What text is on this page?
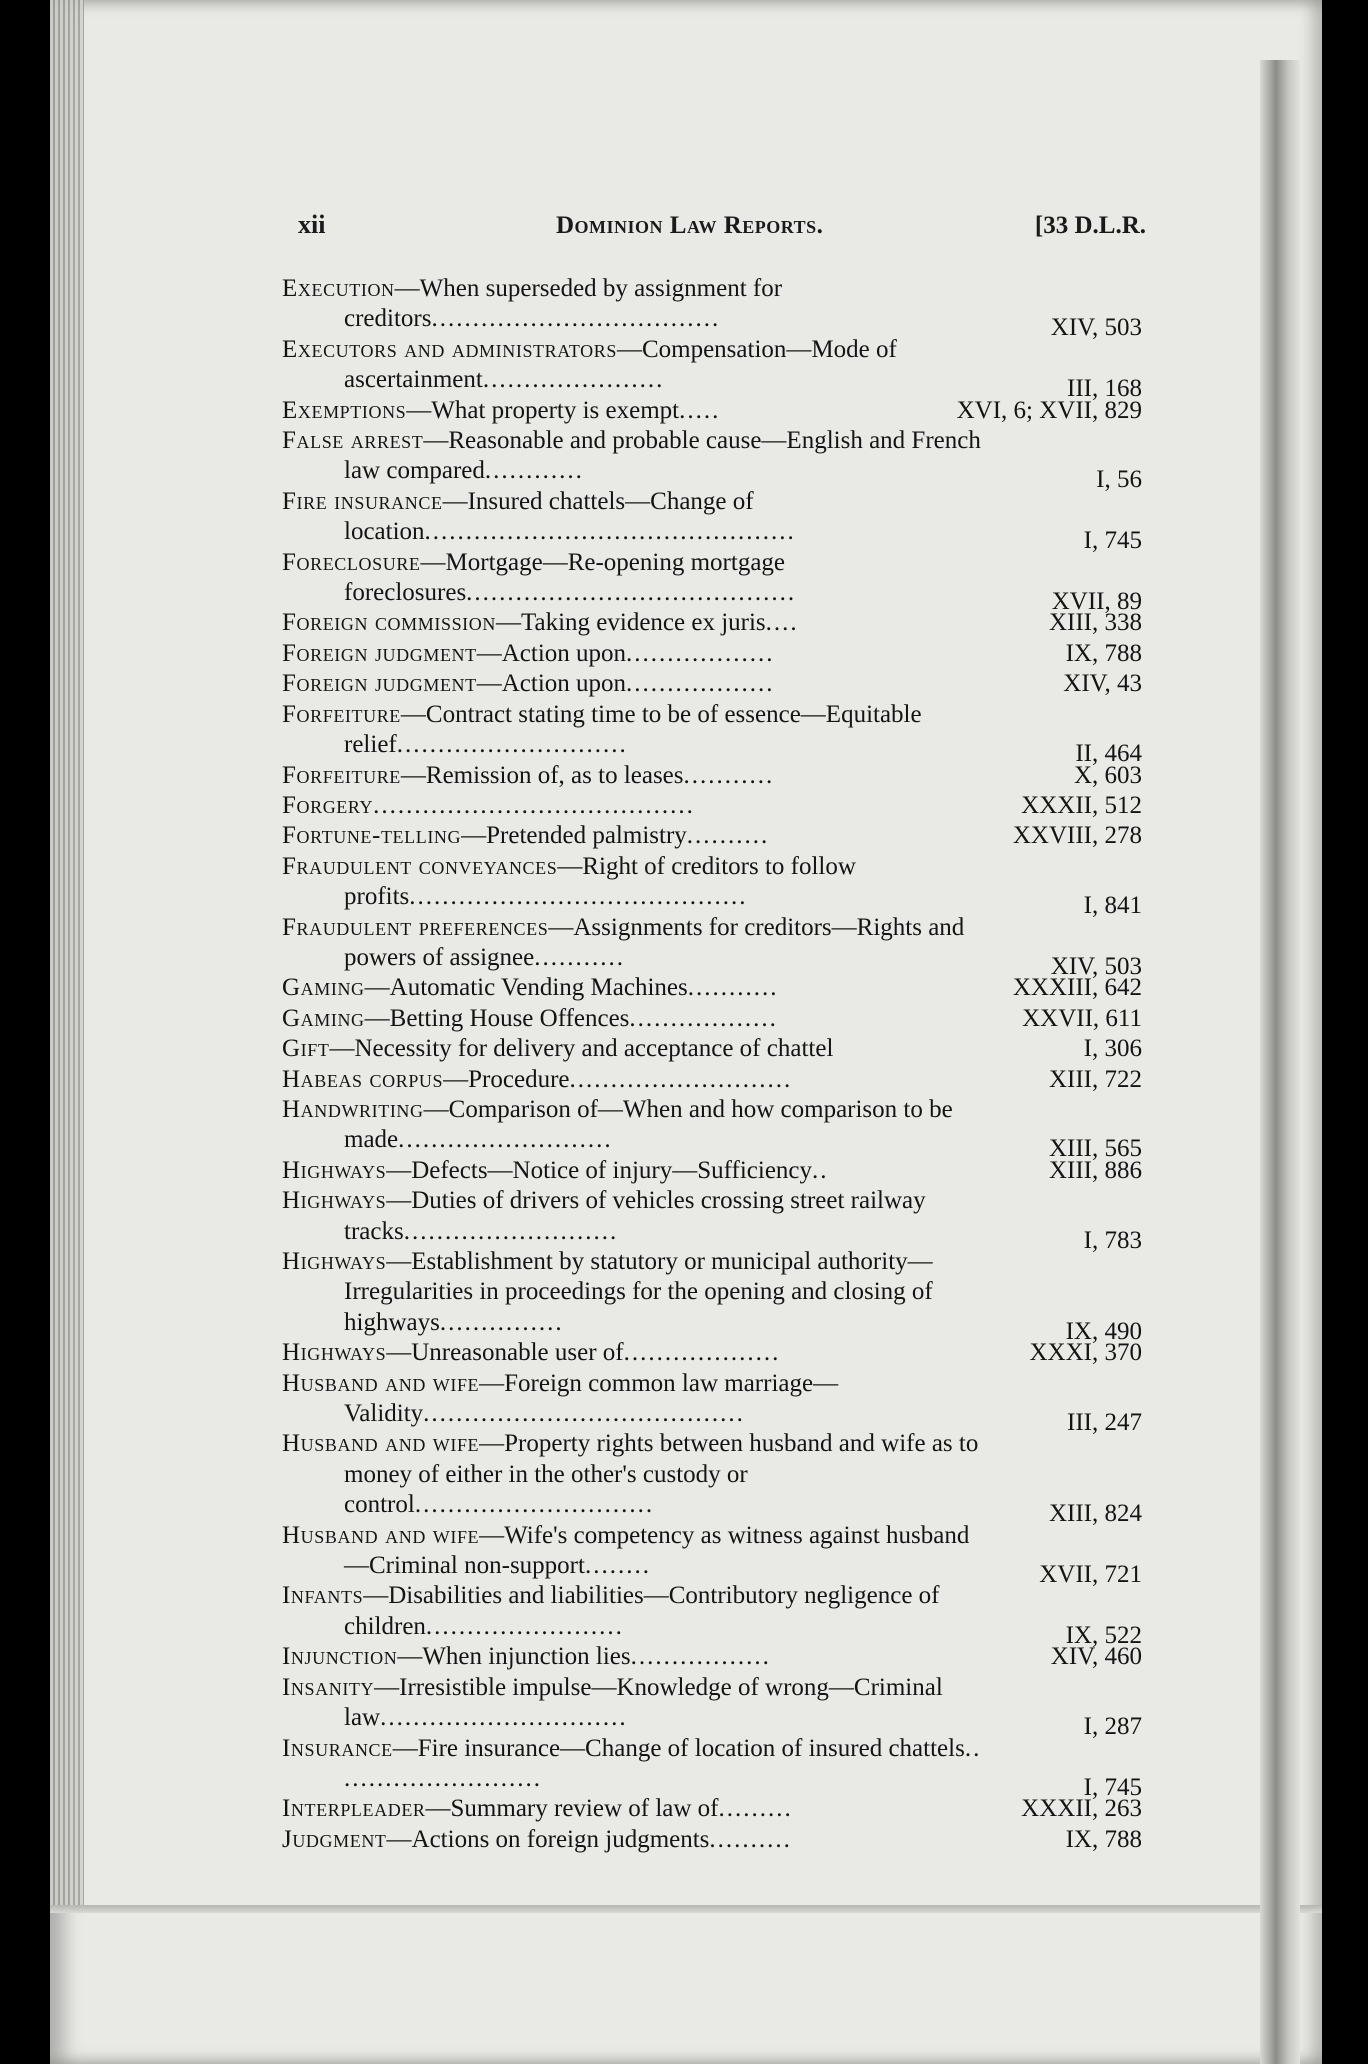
xii	Dominion Law Reports.	[33 D.L.R.
Execution—When superseded by assignment for creditors...................................	XIV, 503
Executors and administrators—Compensation—Mode of ascertainment......................	III, 168
Exemptions—What property is exempt.....	XVI, 6; XVII, 829
False arrest—Reasonable and probable cause—English and French law compared............	I, 56
Fire insurance—Insured chattels—Change of location.............................................	I, 745
Foreclosure—Mortgage—Re-opening mortgage foreclosures........................................	XVII, 89
Foreign commission—Taking evidence ex juris....	XIII, 338
Foreign judgment—Action upon..................	IX, 788
Foreign judgment—Action upon..................	XIV, 43
Forfeiture—Contract stating time to be of essence—Equitable relief............................	II, 464
Forfeiture—Remission of, as to leases...........	X, 603
Forgery.......................................	XXXII, 512
Fortune-telling—Pretended palmistry..........	XXVIII, 278
Fraudulent conveyances—Right of creditors to follow profits.........................................	I, 841
Fraudulent preferences—Assignments for creditors—Rights and powers of assignee...........	XIV, 503
Gaming—Automatic Vending Machines...........	XXXIII, 642
Gaming—Betting House Offences..................	XXVII, 611
Gift—Necessity for delivery and acceptance of chattel	I, 306
Habeas corpus—Procedure...........................	XIII, 722
Handwriting—Comparison of—When and how comparison to be made..........................	XIII, 565
Highways—Defects—Notice of injury—Sufficiency..	XIII, 886
Highways—Duties of drivers of vehicles crossing street railway tracks..........................	I, 783
Highways—Establishment by statutory or municipal authority—Irregularities in proceedings for the opening and closing of highways...............	IX, 490
Highways—Unreasonable user of...................	XXXI, 370
Husband and wife—Foreign common law marriage—Validity.......................................	III, 247
Husband and wife—Property rights between husband and wife as to money of either in the other's custody or control.............................	XIII, 824
Husband and wife—Wife's competency as witness against husband—Criminal non-support........	XVII, 721
Infants—Disabilities and liabilities—Contributory negligence of children........................	IX, 522
Injunction—When injunction lies.................	XIV, 460
Insanity—Irresistible impulse—Knowledge of wrong—Criminal law..............................	I, 287
Insurance—Fire insurance—Change of location of insured chattels.. ........................	I, 745
Interpleader—Summary review of law of.........	XXXII, 263
Judgment—Actions on foreign judgments..........	IX, 788
